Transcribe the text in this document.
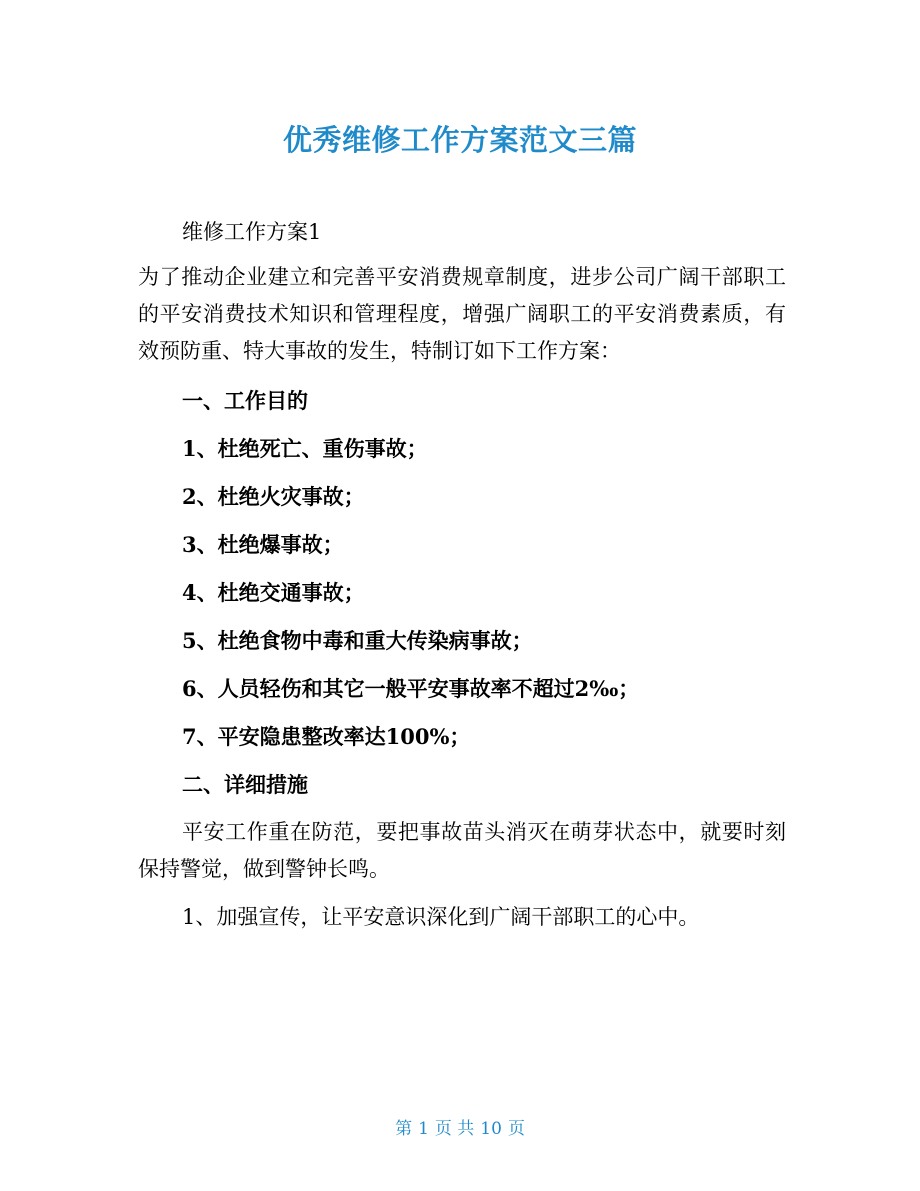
优秀维修工作方案范文三篇

维修工作方案1

为了推动企业建立和完善平安消费规章制度，进步公司广阔干部职工的平安消费技术知识和管理程度，增强广阔职工的平安消费素质，有效预防重、特大事故的发生，特制订如下工作方案：

一、工作目的

1、杜绝死亡、重伤事故；

2、杜绝火灾事故；

3、杜绝爆事故；

4、杜绝交通事故；

5、杜绝食物中毒和重大传染病事故；

6、人员轻伤和其它一般平安事故率不超过2‰；

7、平安隐患整改率达100%；

二、详细措施

平安工作重在防范，要把事故苗头消灭在萌芽状态中，就要时刻保持警觉，做到警钟长鸣。

1、加强宣传，让平安意识深化到广阔干部职工的心中。

第 1 页 共 10 页
